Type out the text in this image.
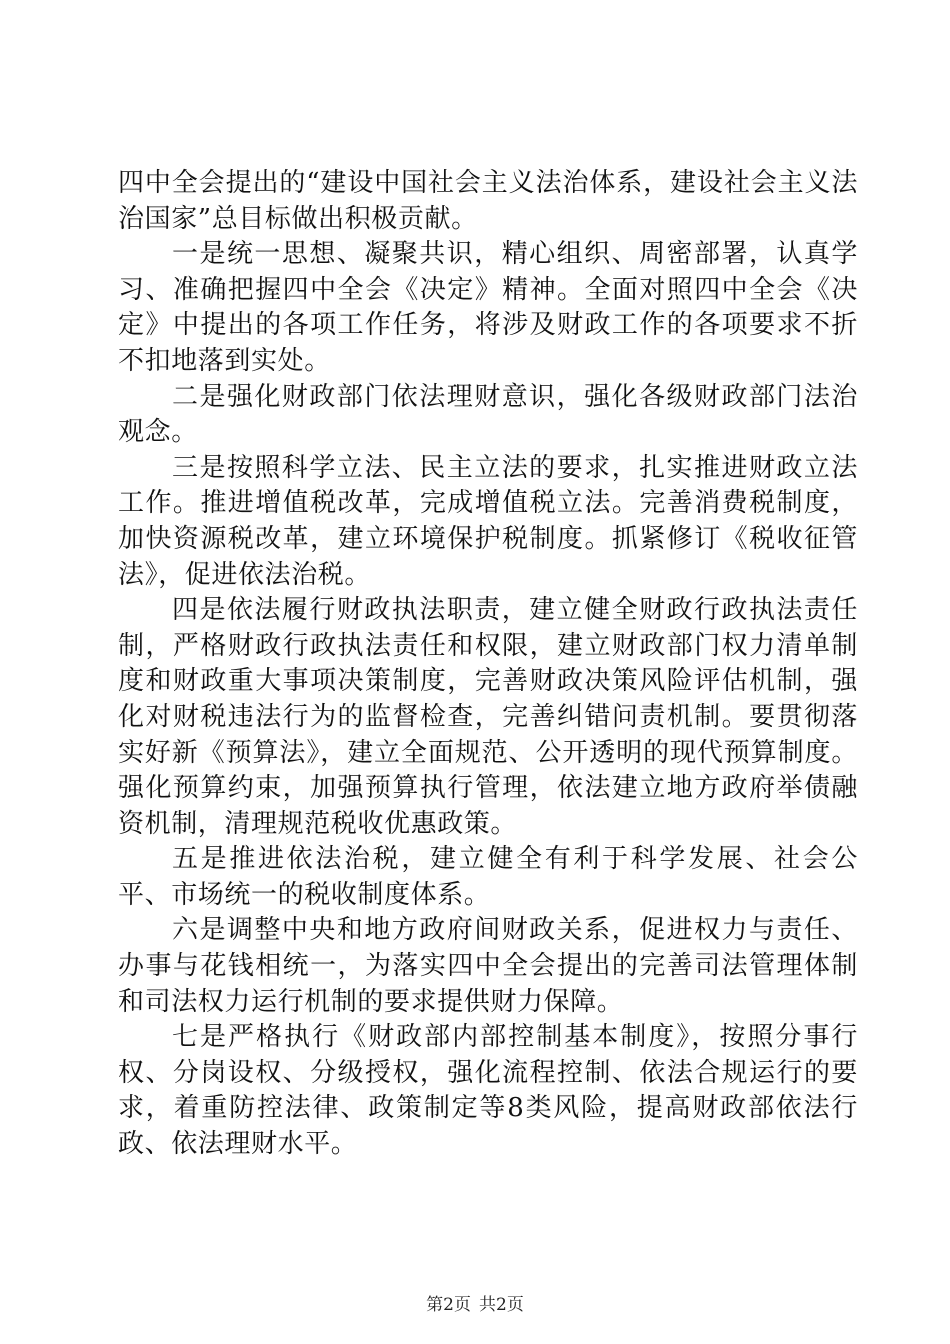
四中全会提出的“建设中国社会主义法治体系，建设社会主义法治国家”总目标做出积极贡献。

一是统一思想、凝聚共识，精心组织、周密部署，认真学习、准确把握四中全会《决定》精神。全面对照四中全会《决定》中提出的各项工作任务，将涉及财政工作的各项要求不折不扣地落到实处。

二是强化财政部门依法理财意识，强化各级财政部门法治观念。

三是按照科学立法、民主立法的要求，扎实推进财政立法工作。推进增值税改革，完成增值税立法。完善消费税制度，加快资源税改革，建立环境保护税制度。抓紧修订《税收征管法》，促进依法治税。

四是依法履行财政执法职责，建立健全财政行政执法责任制，严格财政行政执法责任和权限，建立财政部门权力清单制度和财政重大事项决策制度，完善财政决策风险评估机制，强化对财税违法行为的监督检查，完善纠错问责机制。要贯彻落实好新《预算法》，建立全面规范、公开透明的现代预算制度。强化预算约束，加强预算执行管理，依法建立地方政府举债融资机制，清理规范税收优惠政策。

五是推进依法治税，建立健全有利于科学发展、社会公平、市场统一的税收制度体系。

六是调整中央和地方政府间财政关系，促进权力与责任、办事与花钱相统一，为落实四中全会提出的完善司法管理体制和司法权力运行机制的要求提供财力保障。

七是严格执行《财政部内部控制基本制度》，按照分事行权、分岗设权、分级授权，强化流程控制、依法合规运行的要求，着重防控法律、政策制定等8类风险，提高财政部依法行政、依法理财水平。

第2页 共2页
